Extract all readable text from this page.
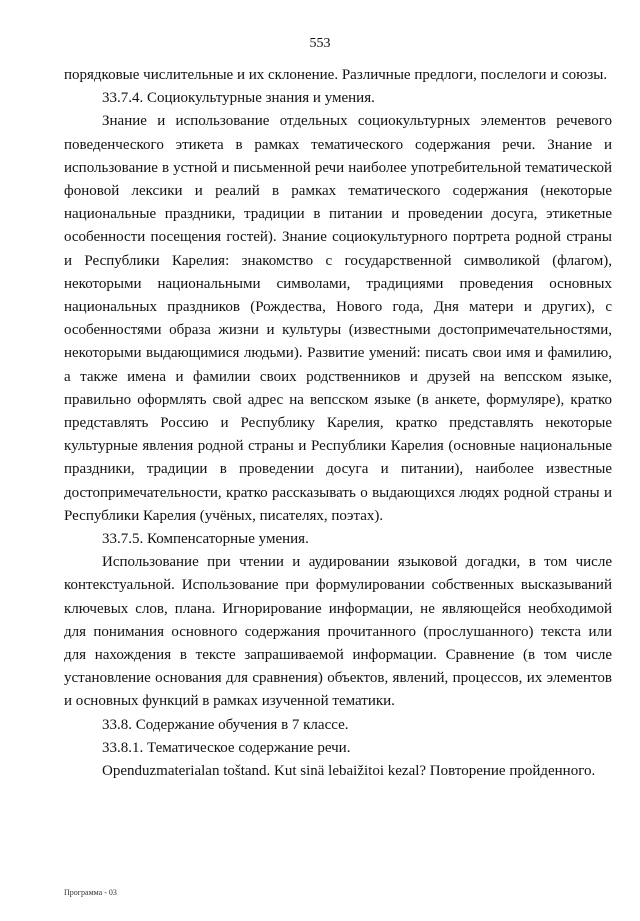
553

порядковые числительные и их склонение. Различные предлоги, послелоги и союзы.

33.7.4. Социокультурные знания и умения.

Знание и использование отдельных социокультурных элементов речевого поведенческого этикета в рамках тематического содержания речи. Знание и использование в устной и письменной речи наиболее употребительной тематической фоновой лексики и реалий в рамках тематического содержания (некоторые национальные праздники, традиции в питании и проведении досуга, этикетные особенности посещения гостей). Знание социокультурного портрета родной страны и Республики Карелия: знакомство с государственной символикой (флагом), некоторыми национальными символами, традициями проведения основных национальных праздников (Рождества, Нового года, Дня матери и других), с особенностями образа жизни и культуры (известными достопримечательностями, некоторыми выдающимися людьми). Развитие умений: писать свои имя и фамилию, а также имена и фамилии своих родственников и друзей на вепсском языке, правильно оформлять свой адрес на вепсском языке (в анкете, формуляре), кратко представлять Россию и Республику Карелия, кратко представлять некоторые культурные явления родной страны и Республики Карелия (основные национальные праздники, традиции в проведении досуга и питании), наиболее известные достопримечательности, кратко рассказывать о выдающихся людях родной страны и Республики Карелия (учёных, писателях, поэтах).

33.7.5. Компенсаторные умения.

Использование при чтении и аудировании языковой догадки, в том числе контекстуальной. Использование при формулировании собственных высказываний ключевых слов, плана. Игнорирование информации, не являющейся необходимой для понимания основного содержания прочитанного (прослушанного) текста или для нахождения в тексте запрашиваемой информации. Сравнение (в том числе установление основания для сравнения) объектов, явлений, процессов, их элементов и основных функций в рамках изученной тематики.

33.8. Содержание обучения в 7 классе.

33.8.1. Тематическое содержание речи.

Openduzmaterialan toštand. Kut sinä lebaižitoi kezal? Повторение пройденного.

Программа - 03
